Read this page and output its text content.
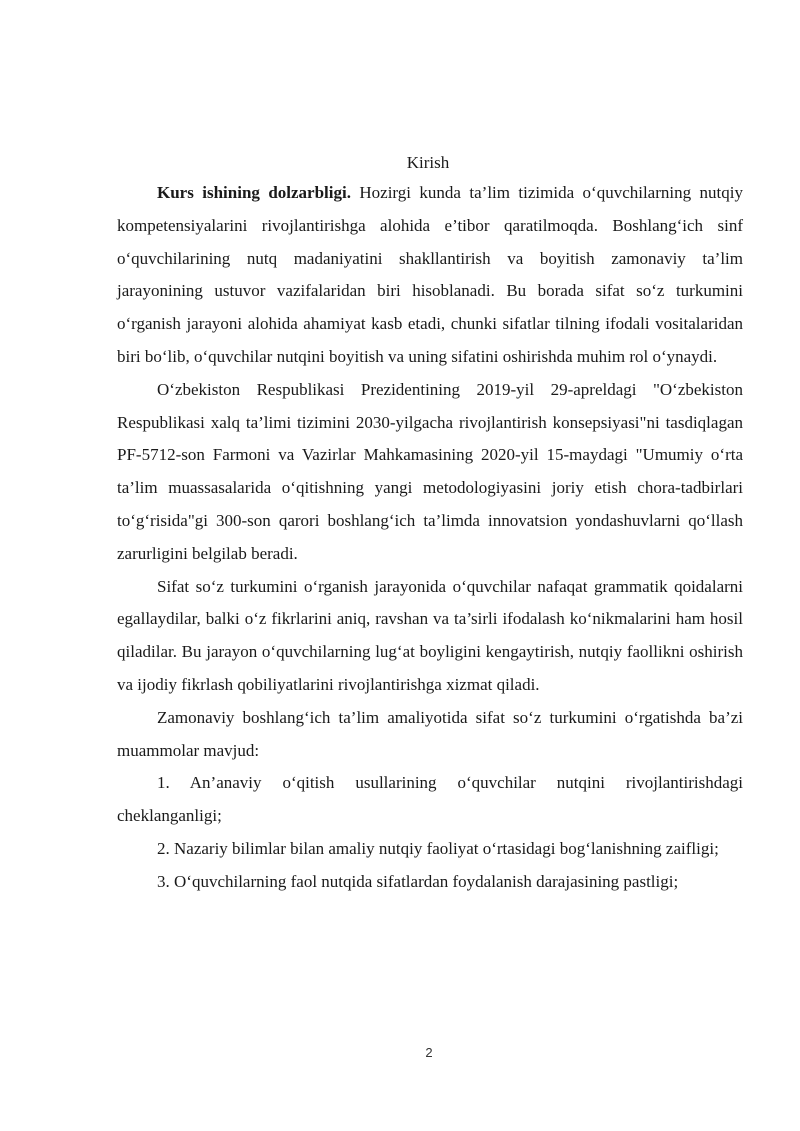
Kirish

Kurs ishining dolzarbligi. Hozirgi kunda ta’lim tizimida o‘quvchilarning nutqiy kompetensiyalarini rivojlantirishga alohida e’tibor qaratilmoqda. Boshlang‘ich sinf o‘quvchilarining nutq madaniyatini shakllantirish va boyitish zamonaviy ta’lim jarayonining ustuvor vazifalaridan biri hisoblanadi. Bu borada sifat so‘z turkumini o‘rganish jarayoni alohida ahamiyat kasb etadi, chunki sifatlar tilning ifodali vositalaridan biri bo‘lib, o‘quvchilar nutqini boyitish va uning sifatini oshirishda muhim rol o‘ynaydi.

O‘zbekiston Respublikasi Prezidentining 2019-yil 29-apreldagi "O‘zbekiston Respublikasi xalq ta’limi tizimini 2030-yilgacha rivojlantirish konsepsiyasi"ni tasdiqlagan PF-5712-son Farmoni va Vazirlar Mahkamasining 2020-yil 15-maydagi "Umumiy o‘rta ta’lim muassasalarida o‘qitishning yangi metodologiyasini joriy etish chora-tadbirlari to‘g‘risida"gi 300-son qarori boshlang‘ich ta’limda innovatsion yondashuvlarni qo‘llash zarurligini belgilab beradi.

Sifat so‘z turkumini o‘rganish jarayonida o‘quvchilar nafaqat grammatik qoidalarni egallaydilar, balki o‘z fikrlarini aniq, ravshan va ta’sirli ifodalash ko‘nikmalarini ham hosil qiladilar. Bu jarayon o‘quvchilarning lug‘at boyligini kengaytirish, nutqiy faollikni oshirish va ijodiy fikrlash qobiliyatlarini rivojlantirishga xizmat qiladi.

Zamonaviy boshlang‘ich ta’lim amaliyotida sifat so‘z turkumini o‘rgatishda ba’zi muammolar mavjud:

1. An’anaviy o‘qitish usullarining o‘quvchilar nutqini rivojlantirishdagi cheklanganligi;

2. Nazariy bilimlar bilan amaliy nutqiy faoliyat o‘rtasidagi bog‘lanishning zaifligi;

3. O‘quvchilarning faol nutqida sifatlardan foydalanish darajasining pastligi;

2
